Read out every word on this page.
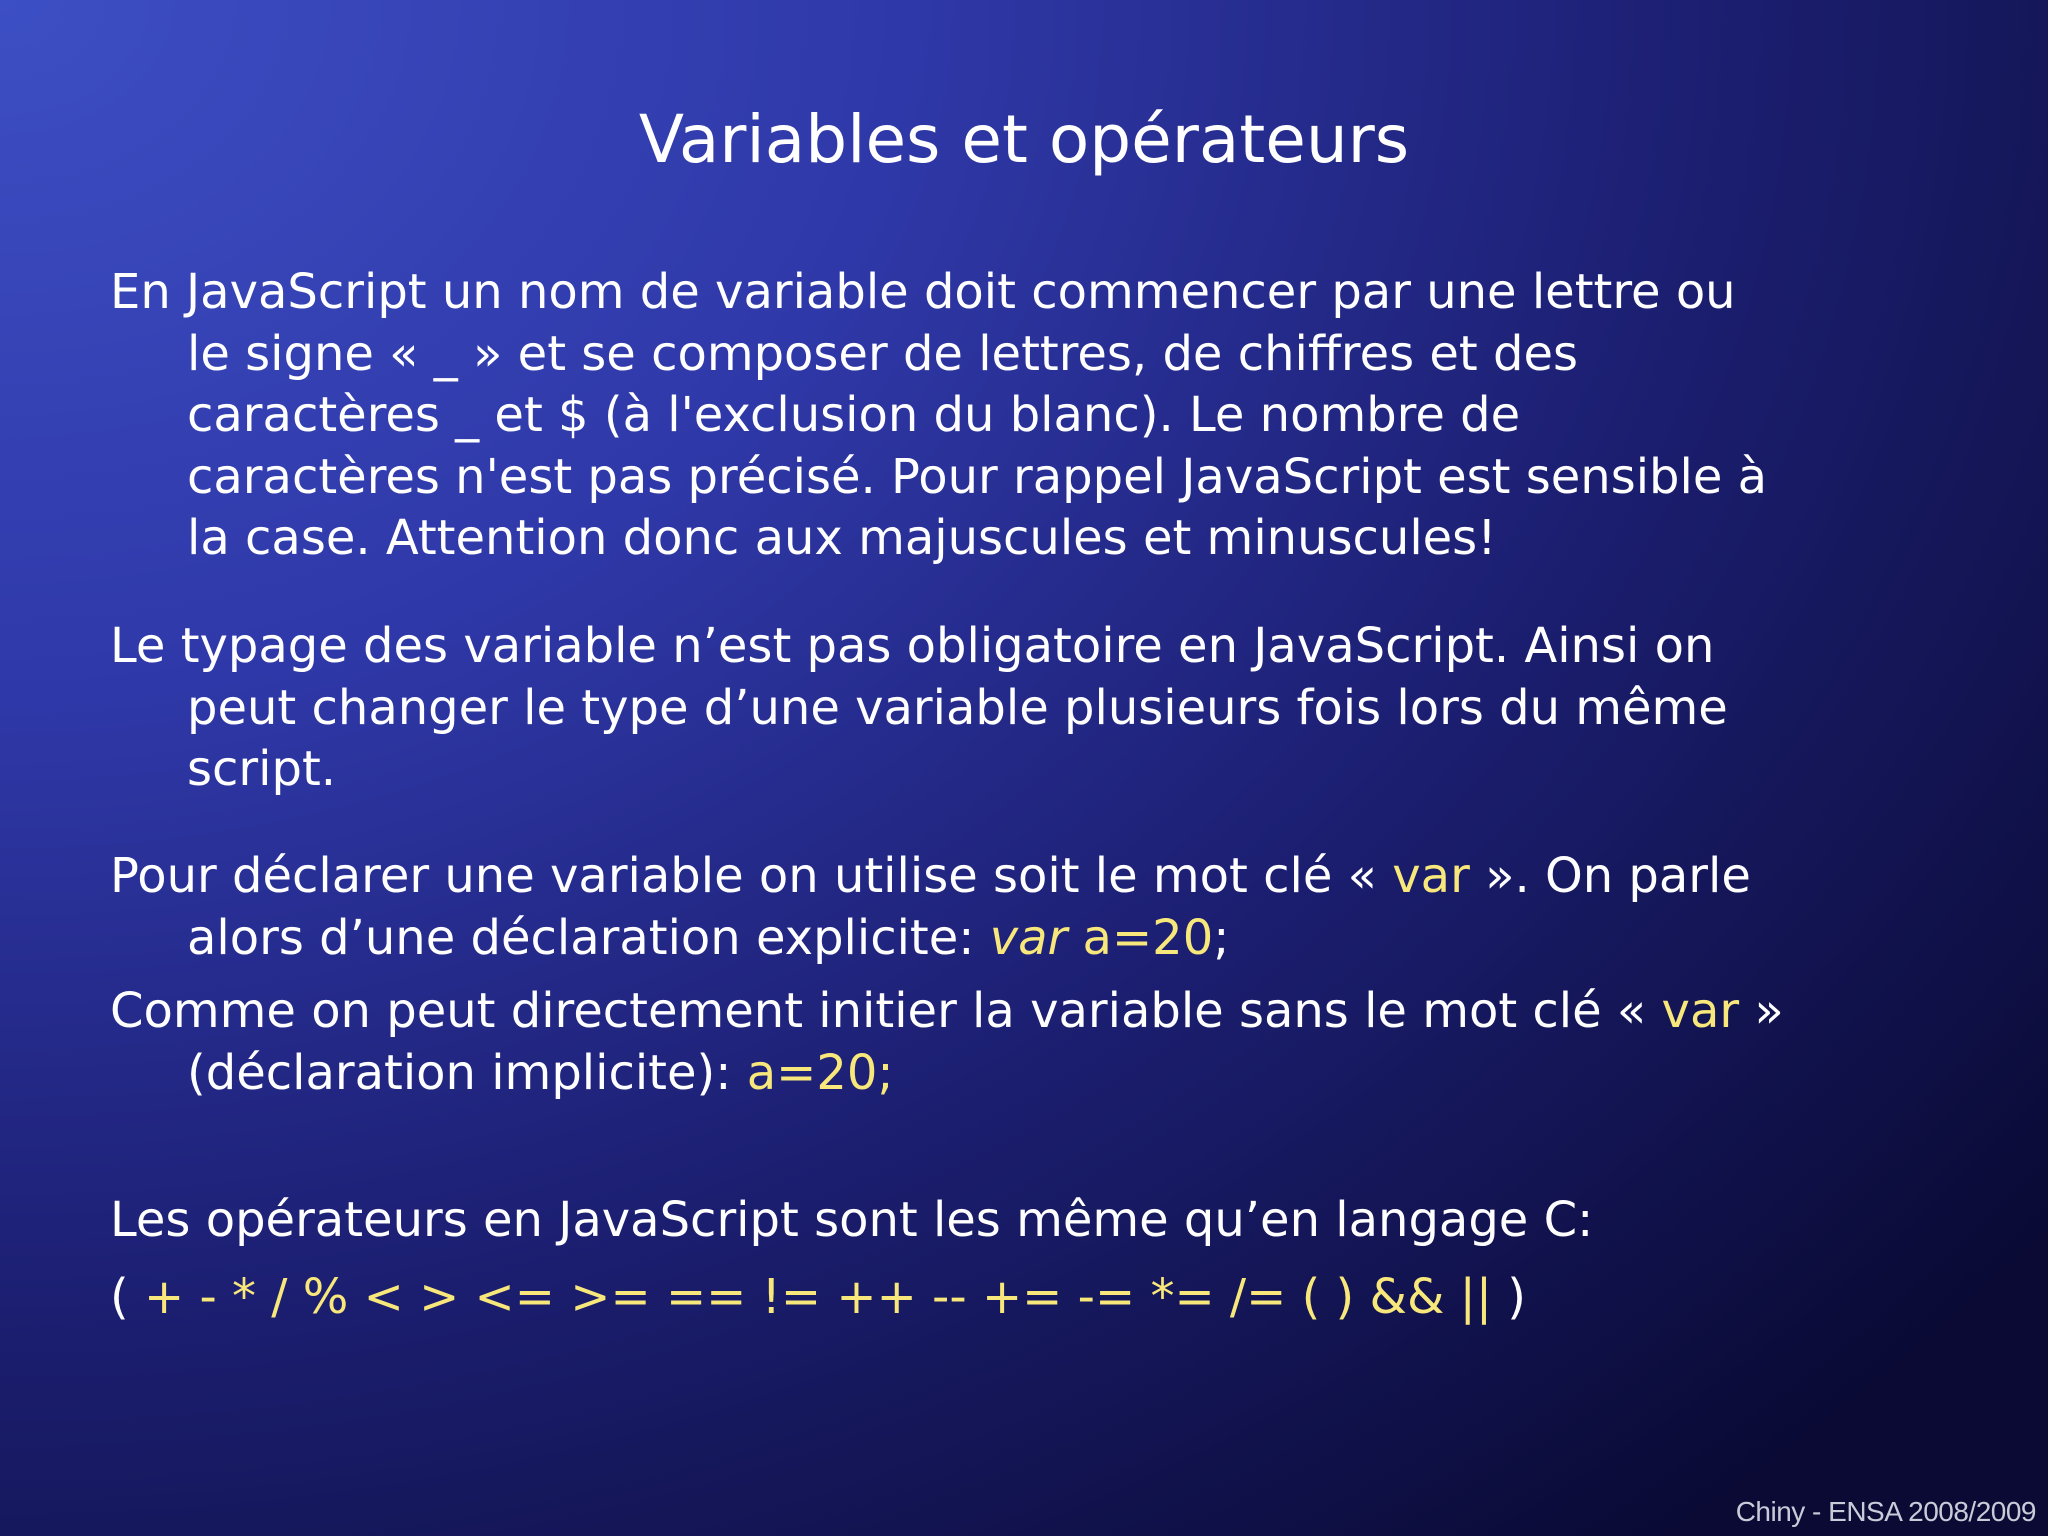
Variables et opérateurs
En JavaScript un nom de variable doit commencer par une lettre ou
le signe « _ » et se composer de lettres, de chiffres et des
caractères _ et $ (à l'exclusion du blanc). Le nombre de
caractères n'est pas précisé. Pour rappel JavaScript est sensible à
la case. Attention donc aux majuscules et minuscules!
Le typage des variable n’est pas obligatoire en JavaScript. Ainsi on
peut changer le type d’une variable plusieurs fois lors du même
script.
Pour déclarer une variable on utilise soit le mot clé « var ». On parle
alors d’une déclaration explicite: var a=20;
Comme on peut directement initier la variable sans le mot clé « var »
(déclaration implicite): a=20;
Les opérateurs en JavaScript sont les même qu’en langage C:
( + - * / % < > <= >= == != ++ -- += -= *= /= ( ) && || )
Chiny - ENSA 2008/2009
